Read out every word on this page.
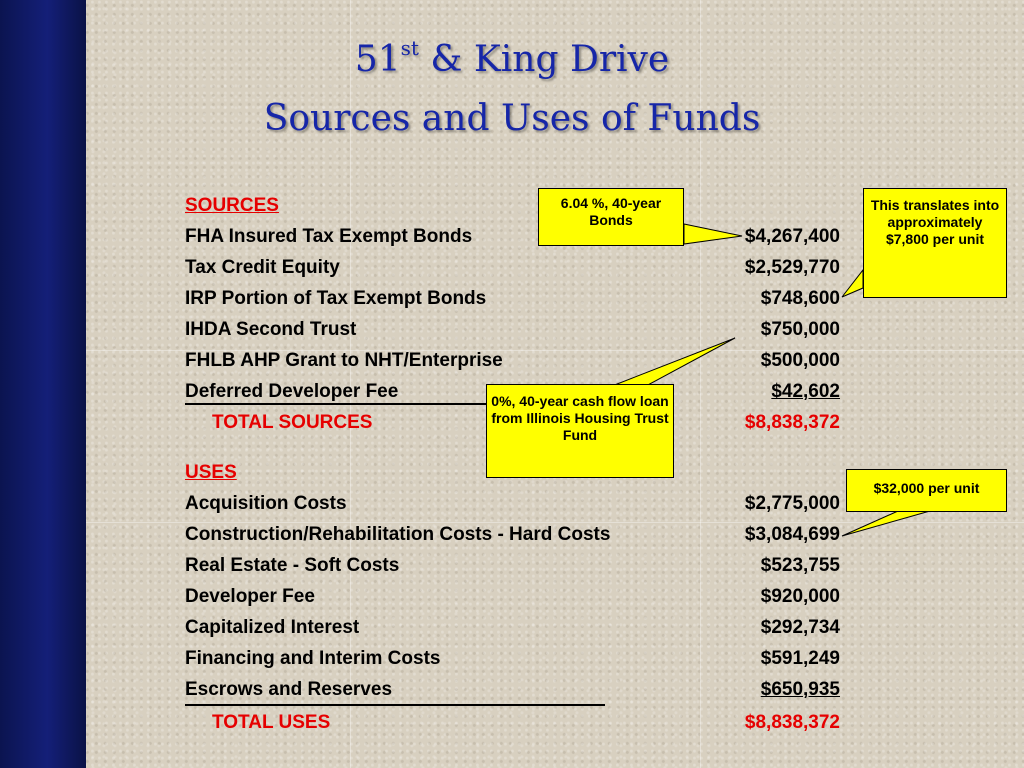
51st & King Drive
Sources and Uses of Funds
SOURCES
FHA Insured Tax Exempt Bonds	$4,267,400
Tax Credit Equity	$2,529,770
IRP Portion of Tax Exempt Bonds	$748,600
IHDA Second Trust	$750,000
FHLB AHP Grant to NHT/Enterprise	$500,000
Deferred Developer Fee	$42,602
TOTAL SOURCES	$8,838,372
USES
Acquisition Costs	$2,775,000
Construction/Rehabilitation Costs - Hard Costs	$3,084,699
Real Estate - Soft Costs	$523,755
Developer Fee	$920,000
Capitalized Interest	$292,734
Financing and Interim Costs	$591,249
Escrows and Reserves	$650,935
TOTAL USES	$8,838,372
6.04 %, 40-year Bonds
This translates into approximately $7,800 per unit
0%, 40-year cash flow loan from Illinois Housing Trust Fund
$32,000 per unit
